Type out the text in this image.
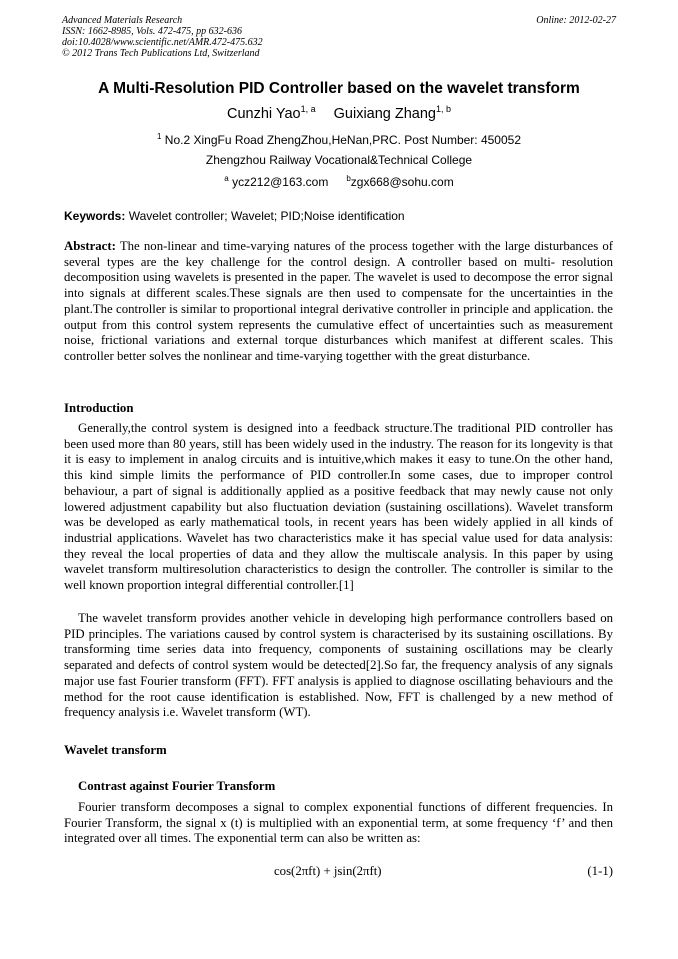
Advanced Materials Research
ISSN: 1662-8985, Vols. 472-475, pp 632-636
doi:10.4028/www.scientific.net/AMR.472-475.632
© 2012 Trans Tech Publications Ltd, Switzerland
Online: 2012-02-27
A Multi-Resolution PID Controller based on the wavelet transform
Cunzhi Yao$^{1, a}$ Guixiang Zhang$^{1, b}$
$^1$ No.2 XingFu Road ZhengZhou,HeNan,PRC. Post Number: 450052
Zhengzhou Railway Vocational&Technical College
$^a$ ycz212@163.com $^b$zgx668@sohu.com
Keywords: Wavelet controller; Wavelet; PID;Noise identification
Abstract: The non-linear and time-varying natures of the process together with the large disturbances of several types are the key challenge for the control design. A controller based on multi- resolution decomposition using wavelets is presented in the paper. The wavelet is used to decompose the error signal into signals at different scales.These signals are then used to compensate for the uncertainties in the plant.The controller is similar to proportional integral derivative controller in principle and application. the output from this control system represents the cumulative effect of uncertainties such as measurement noise, frictional variations and external torque disturbances which manifest at different scales. This controller better solves the nonlinear and time-varying togetther with the great disturbance.
Introduction
Generally,the control system is designed into a feedback structure.The traditional PID controller has been used more than 80 years, still has been widely used in the industry. The reason for its longevity is that it is easy to implement in analog circuits and is intuitive,which makes it easy to tune.On the other hand, this kind simple limits the performance of PID controller.In some cases, due to improper control behaviour, a part of signal is additionally applied as a positive feedback that may newly cause not only lowered adjustment capability but also fluctuation deviation (sustaining oscillations). Wavelet transform was be developed as early mathematical tools, in recent years has been widely applied in all kinds of industrial applications. Wavelet has two characteristics make it has special value used for data analysis: they reveal the local properties of data and they allow the multiscale analysis. In this paper by using wavelet transform multiresolution characteristics to design the controller. The controller is similar to the well known proportion integral differential controller.[1]
The wavelet transform provides another vehicle in developing high performance controllers based on PID principles. The variations caused by control system is characterised by its sustaining oscillations. By transforming time series data into frequency, components of sustaining oscillations may be clearly separated and defects of control system would be detected[2].So far, the frequency analysis of any signals major use fast Fourier transform (FFT). FFT analysis is applied to diagnose oscillating behaviours and the method for the root cause identification is established. Now, FFT is challenged by a new method of frequency analysis i.e. Wavelet transform (WT).
Wavelet transform
Contrast against Fourier Transform
Fourier transform decomposes a signal to complex exponential functions of different frequencies. In Fourier Transform, the signal x (t) is multiplied with an exponential term, at some frequency ‘f’ and then integrated over all times. The exponential term can also be written as:
cos(2πft) + jsin(2πft)	(1-1)
